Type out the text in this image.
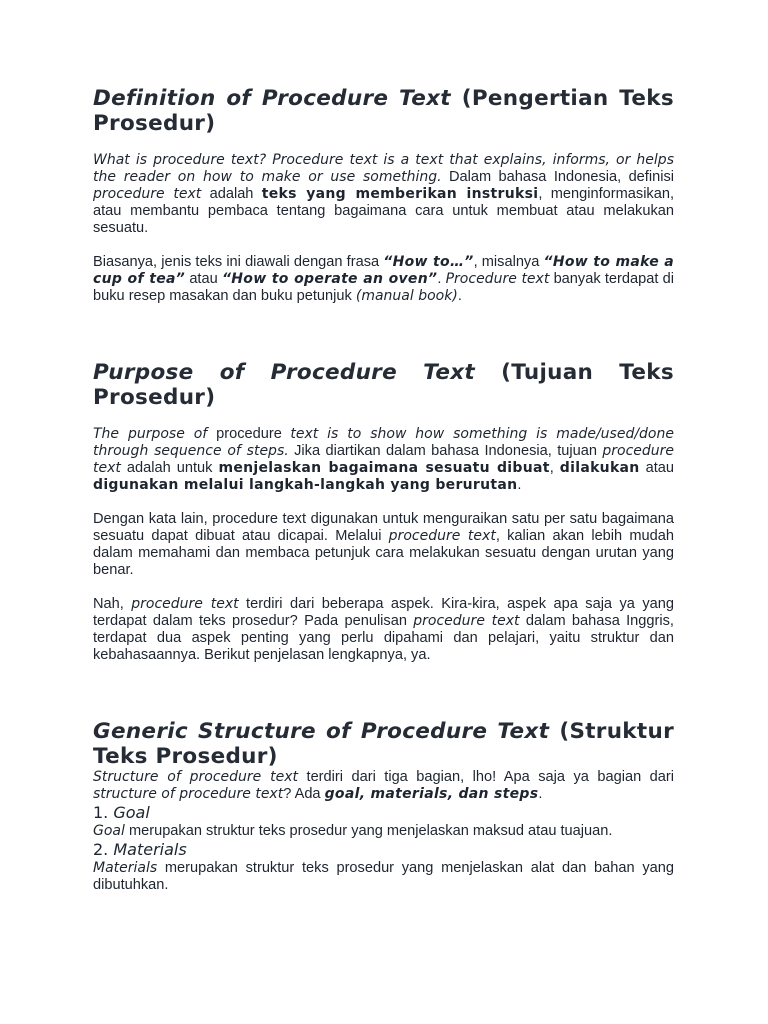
Definition of Procedure Text (Pengertian Teks Prosedur)

What is procedure text? Procedure text is a text that explains, informs, or helps the reader on how to make or use something. Dalam bahasa Indonesia, definisi procedure text adalah teks yang memberikan instruksi, menginformasikan, atau membantu pembaca tentang bagaimana cara untuk membuat atau melakukan sesuatu.

Biasanya, jenis teks ini diawali dengan frasa “How to…”, misalnya “How to make a cup of tea” atau “How to operate an oven”. Procedure text banyak terdapat di buku resep masakan dan buku petunjuk (manual book).

Purpose of Procedure Text (Tujuan Teks Prosedur)

The purpose of procedure text is to show how something is made/used/done through sequence of steps. Jika diartikan dalam bahasa Indonesia, tujuan procedure text adalah untuk menjelaskan bagaimana sesuatu dibuat, dilakukan atau digunakan melalui langkah-langkah yang berurutan.

Dengan kata lain, procedure text digunakan untuk menguraikan satu per satu bagaimana sesuatu dapat dibuat atau dicapai. Melalui procedure text, kalian akan lebih mudah dalam memahami dan membaca petunjuk cara melakukan sesuatu dengan urutan yang benar.

Nah, procedure text terdiri dari beberapa aspek. Kira-kira, aspek apa saja ya yang terdapat dalam teks prosedur? Pada penulisan procedure text dalam bahasa Inggris, terdapat dua aspek penting yang perlu dipahami dan pelajari, yaitu struktur dan kebahasaannya. Berikut penjelasan lengkapnya, ya.

Generic Structure of Procedure Text (Struktur Teks Prosedur)

Structure of procedure text terdiri dari tiga bagian, lho! Apa saja ya bagian dari structure of procedure text? Ada goal, materials, dan steps.

1. Goal

Goal merupakan struktur teks prosedur yang menjelaskan maksud atau tuajuan.

2. Materials

Materials merupakan struktur teks prosedur yang menjelaskan alat dan bahan yang dibutuhkan.
